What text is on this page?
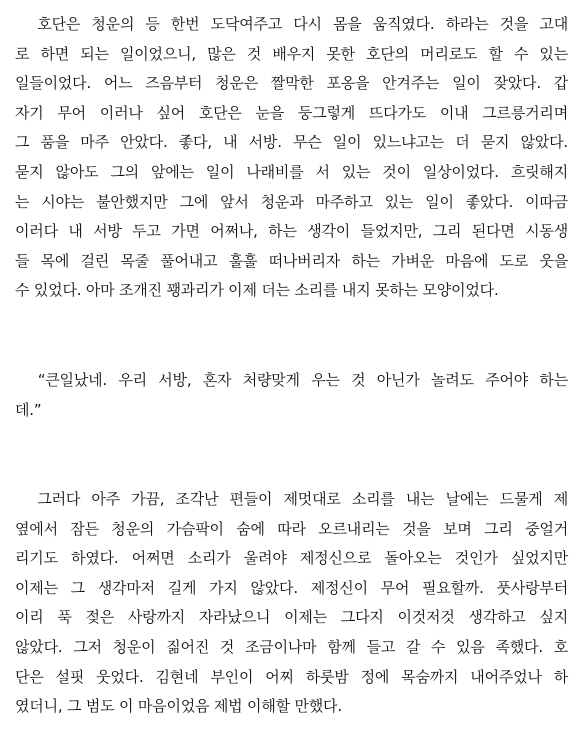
호단은 청운의 등 한번 도닥여주고 다시 몸을 움직였다. 하라는 것을 고대
로 하면 되는 일이었으니, 많은 것 배우지 못한 호단의 머리로도 할 수 있는
일들이었다. 어느 즈음부터 청운은 짤막한 포옹을 안겨주는 일이 잦았다. 갑
자기 무어 이러나 싶어 호단은 눈을 둥그렇게 뜨다가도 이내 그르릉거리며
그 품을 마주 안았다. 좋다, 내 서방. 무슨 일이 있느냐고는 더 묻지 않았다.
묻지 않아도 그의 앞에는 일이 나래비를 서 있는 것이 일상이었다. 흐릿해지
는 시야는 불안했지만 그에 앞서 청운과 마주하고 있는 일이 좋았다. 이따금
이러다 내 서방 두고 가면 어쩌나, 하는 생각이 들었지만, 그리 된다면 시동생
들 목에 걸린 목줄 풀어내고 훌훌 떠나버리자 하는 가벼운 마음에 도로 웃을
수 있었다. 아마 조개진 꽹과리가 이제 더는 소리를 내지 못하는 모양이었다.
“큰일났네. 우리 서방, 혼자 처량맞게 우는 것 아닌가 놀려도 주어야 하는
데.”
그러다 아주 가끔, 조각난 편들이 제멋대로 소리를 내는 날에는 드물게 제
옆에서 잠든 청운의 가슴팍이 숨에 따라 오르내리는 것을 보며 그리 중얼거
리기도 하였다. 어쩌면 소리가 울려야 제정신으로 돌아오는 것인가 싶었지만
이제는 그 생각마저 길게 가지 않았다. 제정신이 무어 필요할까. 풋사랑부터
이리 푹 젖은 사랑까지 자라났으니 이제는 그다지 이것저것 생각하고 싶지
않았다. 그저 청운이 짊어진 것 조금이나마 함께 들고 갈 수 있음 족했다. 호
단은 설핏 웃었다. 김현네 부인이 어찌 하룻밤 정에 목숨까지 내어주었나 하
였더니, 그 범도 이 마음이었음 제법 이해할 만했다.
